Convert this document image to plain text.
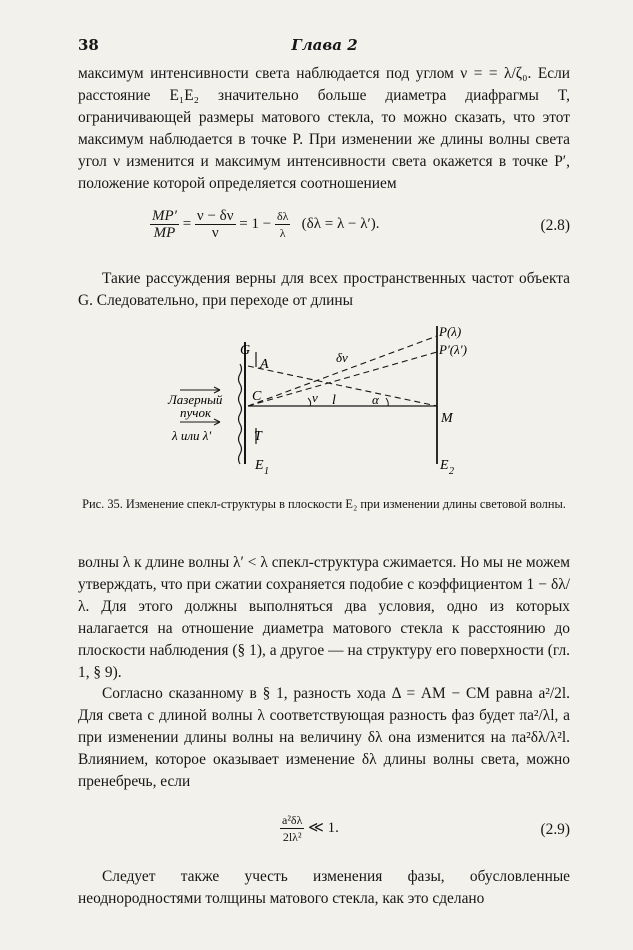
38	Глава 2
максимум интенсивности света наблюдается под углом ν = = λ/ζ₀. Если расстояние E₁E₂ значительно больше диаметра диафрагмы T, ограничивающей размеры матового стекла, то можно сказать, что этот максимум наблюдается в точке P. При изменении же длины волны света угол ν изменится и максимум интенсивности света окажется в точке P′, положение которой определяется соотношением
$\frac{MP'}{MP} = \frac{\nu - \delta\nu}{\nu} = 1 - \frac{\delta\lambda}{\lambda} (\delta\lambda = \lambda - \lambda')$.	(2.8)
Такие рассуждения верны для всех пространственных частот объекта G. Следовательно, при переходе от длины
G
A
C
T
E 1	E 2
M
l
ν
δν
α
P(λ)
P′(λ′)
Лазерный
пучок
λ или λ′
Рис. 35. Изменение спекл-структуры в плоскости E₂ при изменении длины световой волны.
волны λ к длине волны λ′ < λ спекл-структура сжимается. Но мы не можем утверждать, что при сжатии сохраняется подобие с коэффициентом 1 − δλ/λ. Для этого должны выполняться два условия, одно из которых налагается на отношение диаметра матового стекла к расстоянию до плоскости наблюдения (§ 1), а другое — на структуру его поверхности (гл. 1, § 9).
Согласно сказанному в § 1, разность хода Δ = AM − CM равна a²/2l. Для света с длиной волны λ соответствующая разность фаз будет πa²/λl, а при изменении длины волны на величину δλ она изменится на πa²δλ/λ²l. Влиянием, которое оказывает изменение δλ длины волны света, можно пренебречь, если
$\frac{\text{a²δλ}}{\text{2lλ²}}$ ≪ 1.	(2.9)
Следует также учесть изменения фазы, обусловленные неоднородностями толщины матового стекла, как это сделано
